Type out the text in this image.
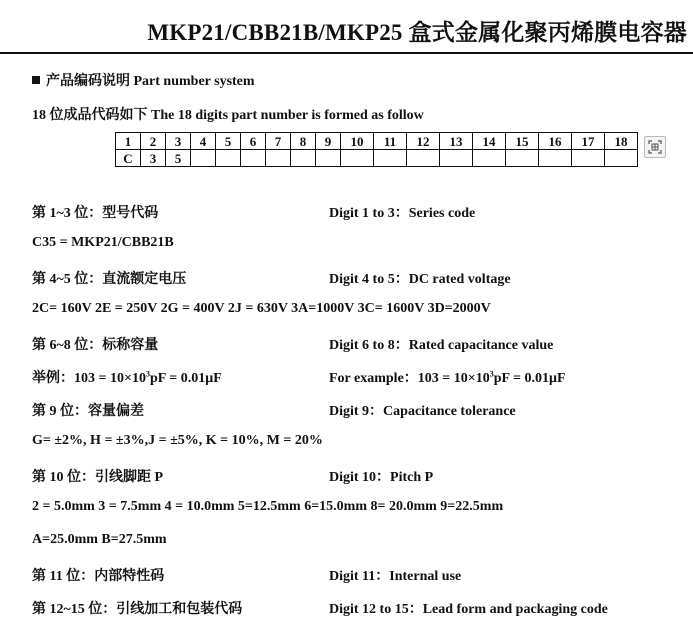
MKP21/CBB21B/MKP25 盒式金属化聚丙烯膜电容器
产品编码说明 Part number system
18 位成品代码如下 The 18 digits part number is formed as follow
1	2	3	4	5	6	7	8	9	10	11	12	13	14	15	16	17	18
C	3	5															
第 1~3 位：型号代码	Digit 1 to 3：Series code
C35 = MKP21/CBB21B
第 4~5 位：直流额定电压	Digit 4 to 5：DC rated voltage
2C= 160V 2E = 250V 2G = 400V 2J = 630V 3A=1000V 3C= 1600V 3D=2000V
第 6~8 位：标称容量	Digit 6 to 8：Rated capacitance value
举例：$103 = 10\times 10^3pF = 0.01\mu F$	For example：$103 = 10\times 10^3pF = 0.01\mu F$
第 9 位：容量偏差	Digit 9：Capacitance tolerance
G= ±2%, H = ±3%,J = ±5%, K = 10%, M = 20%
第 10 位：引线脚距 P	Digit 10：Pitch P
2 = 5.0mm 3 = 7.5mm 4 = 10.0mm 5=12.5mm 6=15.0mm 8= 20.0mm 9=22.5mm
A=25.0mm B=27.5mm
第 11 位：内部特性码	Digit 11：Internal use
第 12~15 位：引线加工和包装代码	Digit 12 to 15：Lead form and packaging code
